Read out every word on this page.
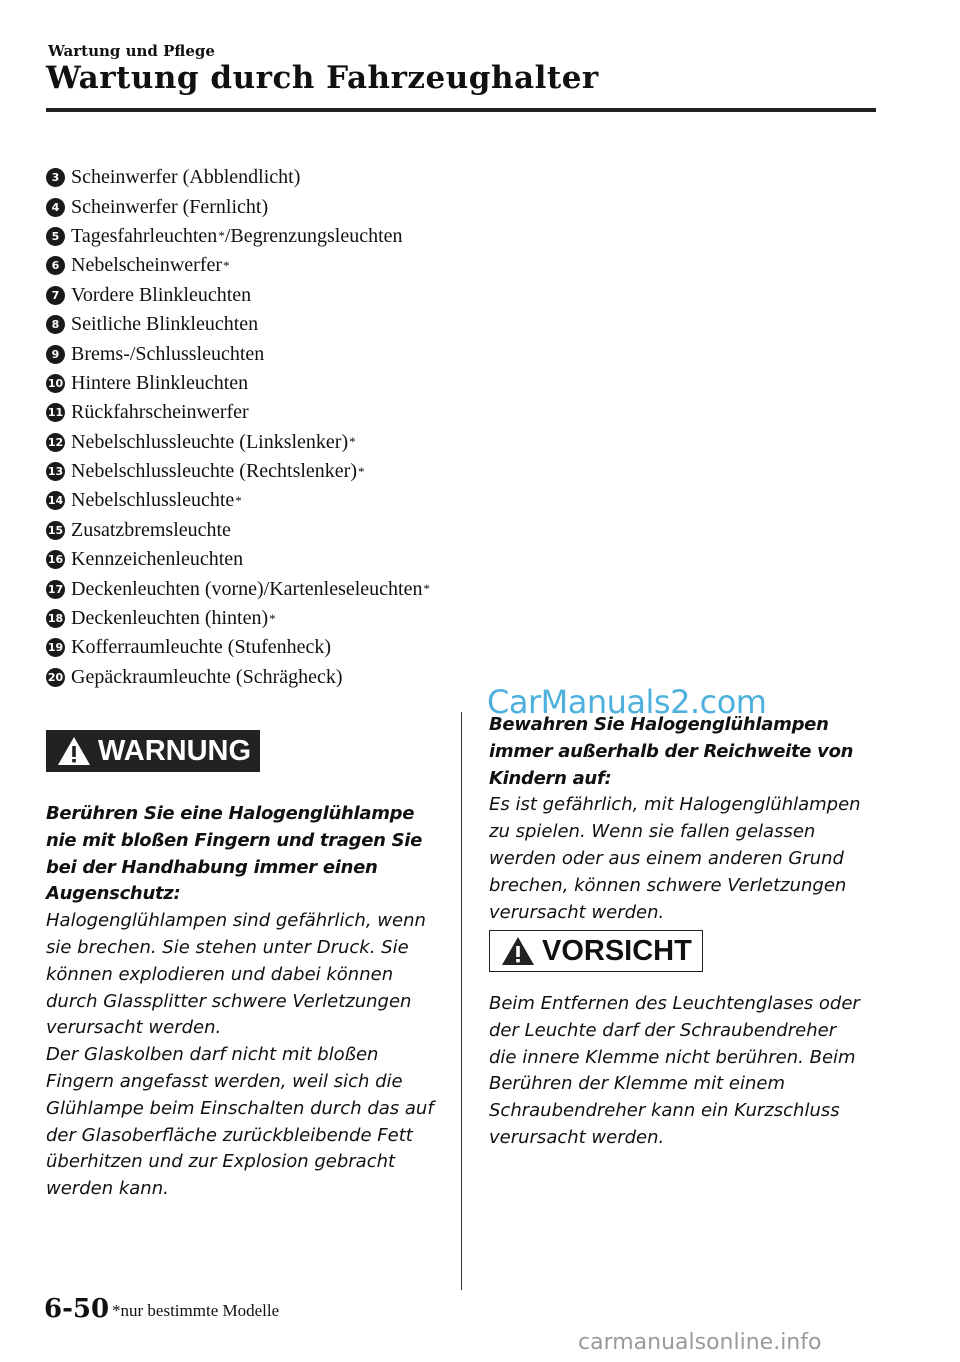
Wartung und Pflege
Wartung durch Fahrzeughalter
3 Scheinwerfer (Abblendlicht)
4 Scheinwerfer (Fernlicht)
5 Tagesfahrleuchten * /Begrenzungsleuchten
6 Nebelscheinwerfer *
7 Vordere Blinkleuchten
8 Seitliche Blinkleuchten
9 Brems-/Schlussleuchten
10 Hintere Blinkleuchten
11 Rückfahrscheinwerfer
12 Nebelschlussleuchte (Linkslenker) *
13 Nebelschlussleuchte (Rechtslenker) *
14 Nebelschlussleuchte *
15 Zusatzbremsleuchte
16 Kennzeichenleuchten
17 Deckenleuchten (vorne)/Kartenleseleuchten *
18 Deckenleuchten (hinten) *
19 Kofferraumleuchte (Stufenheck)
20 Gepäckraumleuchte (Schrägheck)
CarManuals2.com
WARNUNG

Berühren Sie eine Halogenglühlampe nie mit bloßen Fingern und tragen Sie bei der Handhabung immer einen Augenschutz:

Halogenglühlampen sind gefährlich, wenn sie brechen. Sie stehen unter Druck. Sie können explodieren und dabei können durch Glassplitter schwere Verletzungen verursacht werden.

Der Glaskolben darf nicht mit bloßen Fingern angefasst werden, weil sich die Glühlampe beim Einschalten durch das auf der Glasoberfläche zurückbleibende Fett überhitzen und zur Explosion gebracht werden kann.

Bewahren Sie Halogenglühlampen immer außerhalb der Reichweite von Kindern auf:

Es ist gefährlich, mit Halogenglühlampen zu spielen. Wenn sie fallen gelassen werden oder aus einem anderen Grund brechen, können schwere Verletzungen verursacht werden.

VORSICHT

Beim Entfernen des Leuchtenglases oder der Leuchte darf der Schraubendreher die innere Klemme nicht berühren. Beim Berühren der Klemme mit einem Schraubendreher kann ein Kurzschluss verursacht werden.

6-50 *nur bestimmte Modelle
carmanualsonline.info
